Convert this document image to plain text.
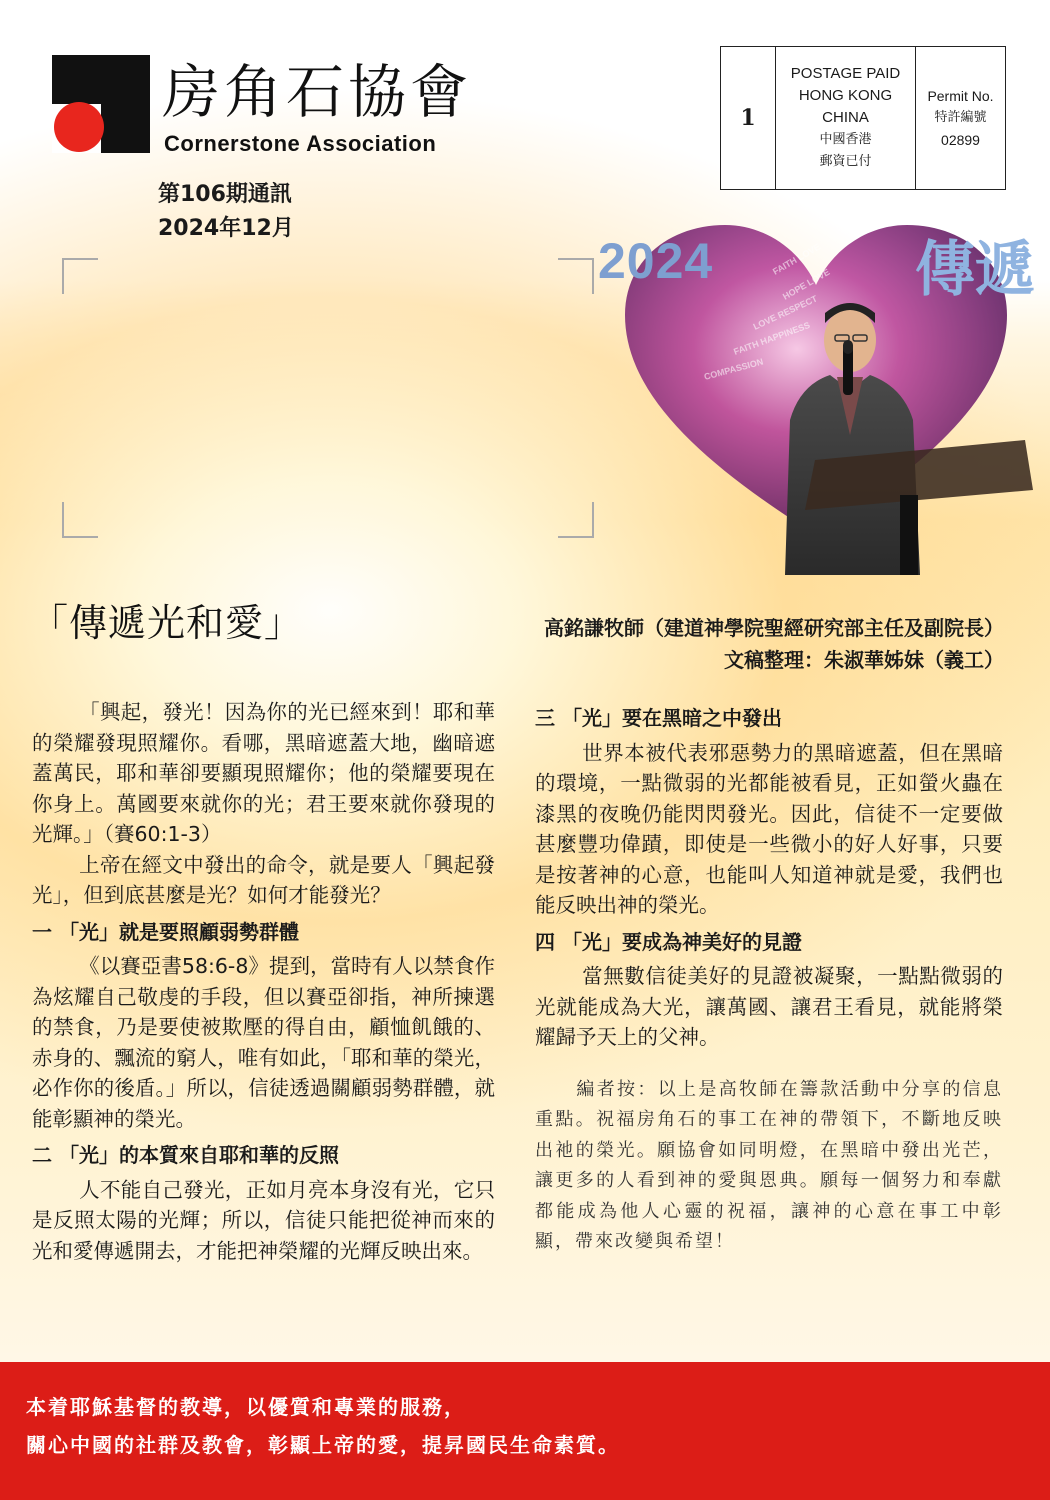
房角石協會
Cornerstone Association
第106期通訊
2024年12月
1
POSTAGE PAID
HONG KONG
CHINA
中國香港
郵資已付
Permit No.
特許編號
02899
FAITH LOVE
HOPE LOVE
LOVE RESPECT
FAITH HAPPINESS
COMPASSION
2024	傳遞
「傳遞光和愛」	高銘謙牧師（建道神學院聖經研究部主任及副院長）
文稿整理：朱淑華姊妹（義工）

「興起，發光！因為你的光已經來到！耶和華的榮耀發現照耀你。看哪，黑暗遮蓋大地，幽暗遮蓋萬民，耶和華卻要顯現照耀你；他的榮耀要現在你身上。萬國要來就你的光；君王要來就你發現的光輝。」（賽60:1-3）

上帝在經文中發出的命令，就是要人「興起發光」，但到底甚麼是光？如何才能發光？

一 「光」就是要照顧弱勢群體

《以賽亞書58:6-8》提到，當時有人以禁食作為炫耀自己敬虔的手段，但以賽亞卻指，神所揀選的禁食，乃是要使被欺壓的得自由，顧恤飢餓的、赤身的、飄流的窮人，唯有如此，「耶和華的榮光，必作你的後盾。」所以，信徒透過關顧弱勢群體，就能彰顯神的榮光。

二 「光」的本質來自耶和華的反照

人不能自己發光，正如月亮本身沒有光，它只是反照太陽的光輝；所以，信徒只能把從神而來的光和愛傳遞開去，才能把神榮耀的光輝反映出來。

三 「光」要在黑暗之中發出

世界本被代表邪惡勢力的黑暗遮蓋，但在黑暗的環境，一點微弱的光都能被看見，正如螢火蟲在漆黑的夜晚仍能閃閃發光。因此，信徒不一定要做甚麼豐功偉蹟，即使是一些微小的好人好事，只要是按著神的心意，也能叫人知道神就是愛，我們也能反映出神的榮光。

四 「光」要成為神美好的見證

當無數信徒美好的見證被凝聚，一點點微弱的光就能成為大光，讓萬國、讓君王看見，就能將榮耀歸予天上的父神。

編者按：以上是高牧師在籌款活動中分享的信息重點。祝福房角石的事工在神的帶領下，不斷地反映出祂的榮光。願協會如同明燈，在黑暗中發出光芒，讓更多的人看到神的愛與恩典。願每一個努力和奉獻都能成為他人心靈的祝福，讓神的心意在事工中彰顯，帶來改變與希望！

本着耶穌基督的教導，以優質和專業的服務，
關心中國的社群及教會，彰顯上帝的愛，提昇國民生命素質。
